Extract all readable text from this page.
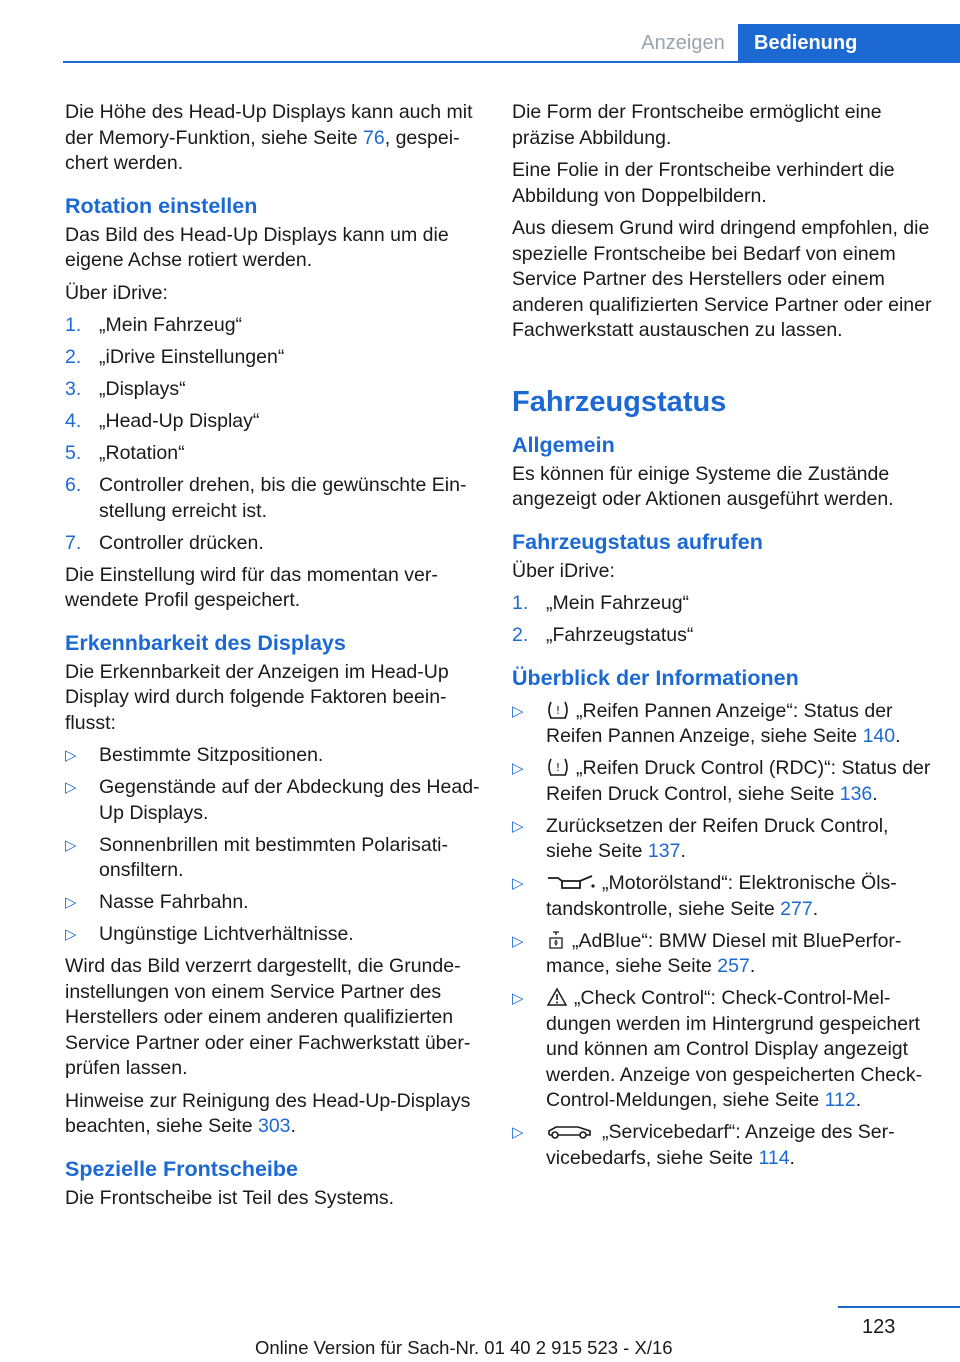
Anzeigen	Bedienung

Die Höhe des Head-Up Displays kann auch mit der Memory-Funktion, siehe Seite 76, gespeichert werden.

Rotation einstellen

Das Bild des Head-Up Displays kann um die eigene Achse rotiert werden.

Über iDrive:

1. „Mein Fahrzeug“
2. „iDrive Einstellungen“
3. „Displays“
4. „Head-Up Display“
5. „Rotation“
6. Controller drehen, bis die gewünschte Einstellung erreicht ist.
7. Controller drücken.

Die Einstellung wird für das momentan verwendete Profil gespeichert.

Erkennbarkeit des Displays

Die Erkennbarkeit der Anzeigen im Head-Up Display wird durch folgende Faktoren beeinflusst:

▷ Bestimmte Sitzpositionen.
▷ Gegenstände auf der Abdeckung des Head-Up Displays.
▷ Sonnenbrillen mit bestimmten Polarisationsfiltern.
▷ Nasse Fahrbahn.
▷ Ungünstige Lichtverhältnisse.

Wird das Bild verzerrt dargestellt, die Grundeinstellungen von einem Service Partner des Herstellers oder einem anderen qualifizierten Service Partner oder einer Fachwerkstatt überprüfen lassen.

Hinweise zur Reinigung des Head-Up-Displays beachten, siehe Seite 303.

Spezielle Frontscheibe

Die Frontscheibe ist Teil des Systems.

Die Form der Frontscheibe ermöglicht eine präzise Abbildung.

Eine Folie in der Frontscheibe verhindert die Abbildung von Doppelbildern.

Aus diesem Grund wird dringend empfohlen, die spezielle Frontscheibe bei Bedarf von einem Service Partner des Herstellers oder einem anderen qualifizierten Service Partner oder einer Fachwerkstatt austauschen zu lassen.

Fahrzeugstatus
Allgemein

Es können für einige Systeme die Zustände angezeigt oder Aktionen ausgeführt werden.

Fahrzeugstatus aufrufen

Über iDrive:

1. „Mein Fahrzeug“
2. „Fahrzeugstatus“
Überblick der Informationen
▷	! „Reifen Pannen Anzeige“: Status der Reifen Pannen Anzeige, siehe Seite 140.
▷	! „Reifen Druck Control (RDC)“: Status der Reifen Druck Control, siehe Seite 136.
▷ Zurücksetzen der Reifen Druck Control, siehe Seite 137.
▷	„Motorölstand“: Elektronische Ölstandskontrolle, siehe Seite 277.
▷ „AdBlue“: BMW Diesel mit BluePerformance, siehe Seite 257.
▷	„Check Control“: Check-Control-Meldungen werden im Hintergrund gespeichert und können am Control Display angezeigt werden. Anzeige von gespeicherten Check-Control-Meldungen, siehe Seite 112.
▷	„Servicebedarf“: Anzeige des Servicebedarfs, siehe Seite 114.
123
Online Version für Sach-Nr. 01 40 2 915 523 - X/16
